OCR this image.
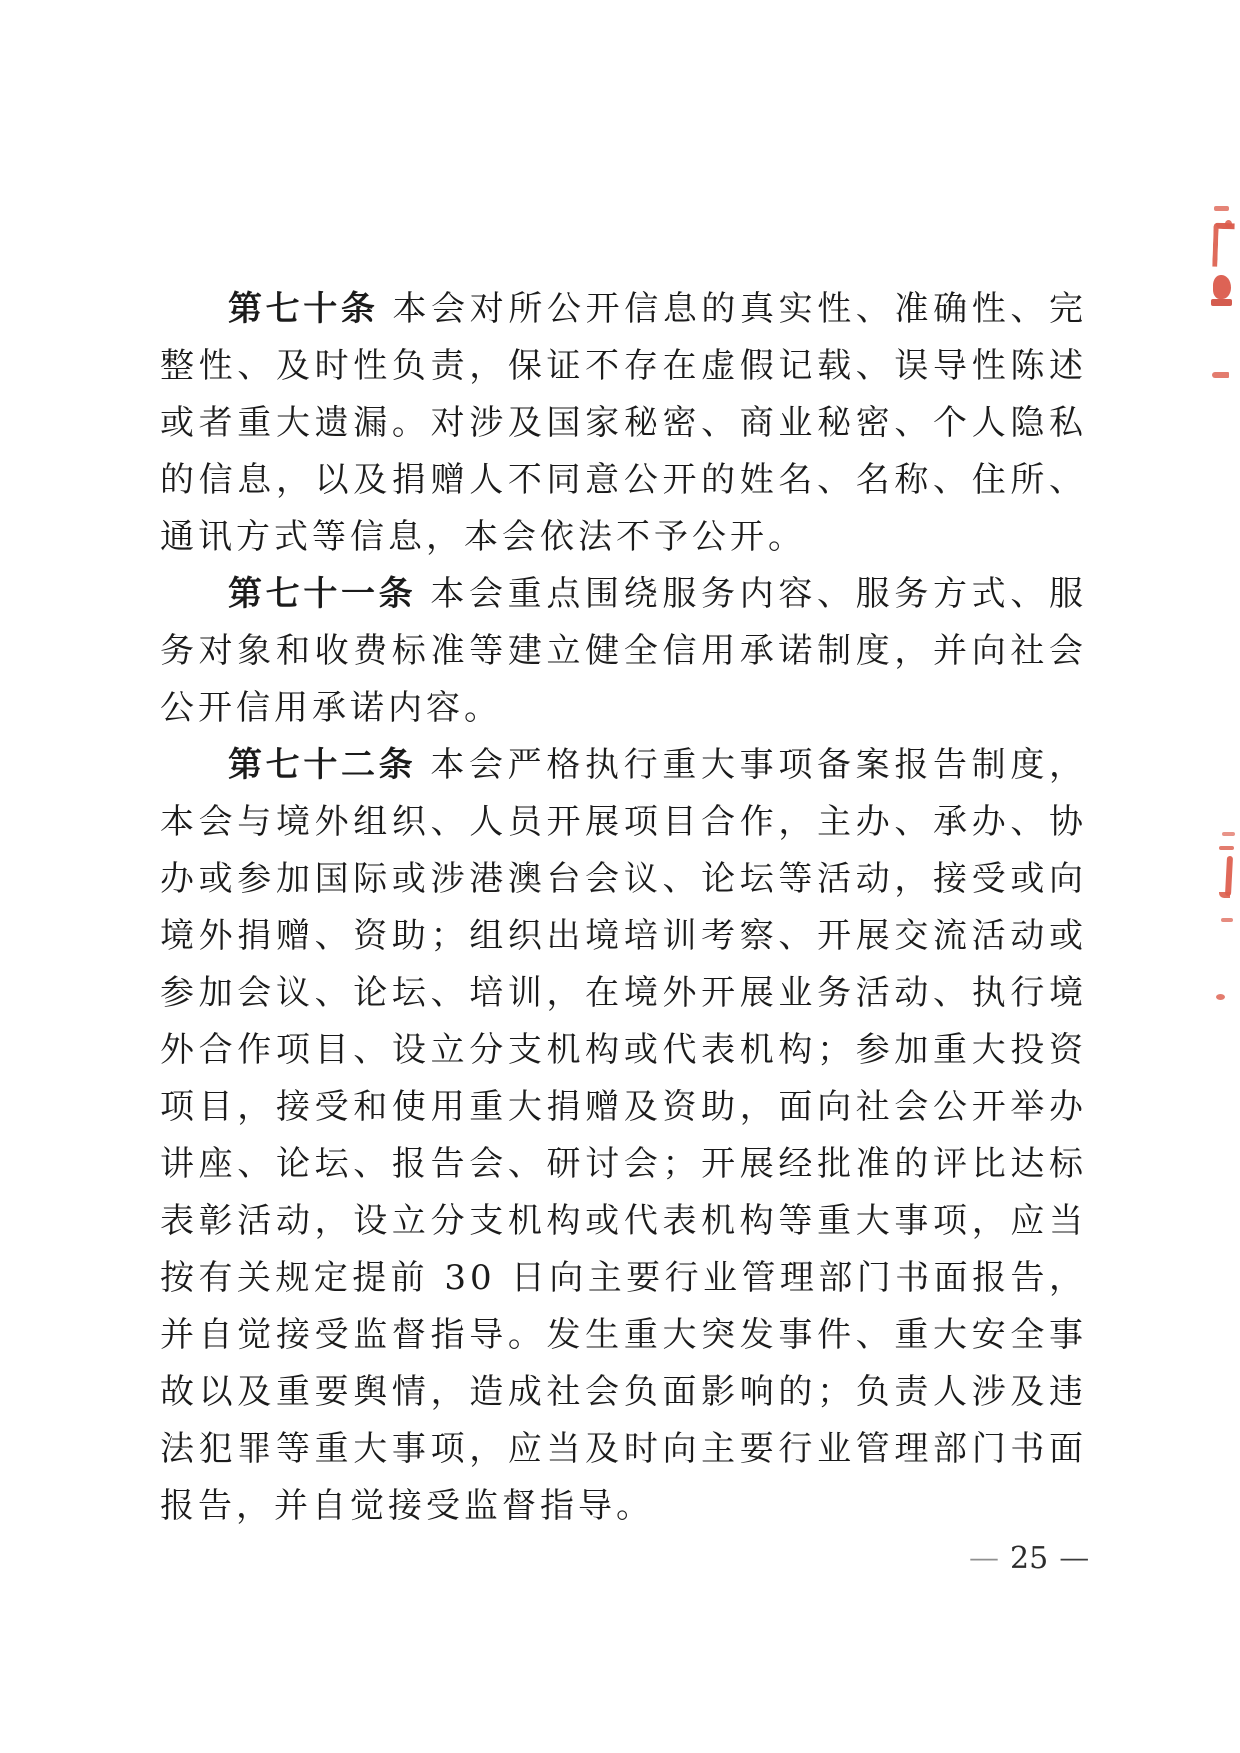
第七十条 本会对所公开信息的真实性、准确性、完整性、及时性负责，保证不存在虚假记载、误导性陈述或者重大遗漏。对涉及国家秘密、商业秘密、个人隐私的信息，以及捐赠人不同意公开的姓名、名称、住所、通讯方式等信息，本会依法不予公开。

第七十一条 本会重点围绕服务内容、服务方式、服务对象和收费标准等建立健全信用承诺制度，并向社会公开信用承诺内容。

第七十二条 本会严格执行重大事项备案报告制度，本会与境外组织、人员开展项目合作，主办、承办、协办或参加国际或涉港澳台会议、论坛等活动，接受或向境外捐赠、资助；组织出境培训考察、开展交流活动或参加会议、论坛、培训，在境外开展业务活动、执行境外合作项目、设立分支机构或代表机构；参加重大投资项目，接受和使用重大捐赠及资助，面向社会公开举办讲座、论坛、报告会、研讨会；开展经批准的评比达标表彰活动，设立分支机构或代表机构等重大事项，应当按有关规定提前 30 日向主要行业管理部门书面报告，并自觉接受监督指导。发生重大突发事件、重大安全事故以及重要舆情，造成社会负面影响的；负责人涉及违法犯罪等重大事项，应当及时向主要行业管理部门书面报告，并自觉接受监督指导。

— 25 —
